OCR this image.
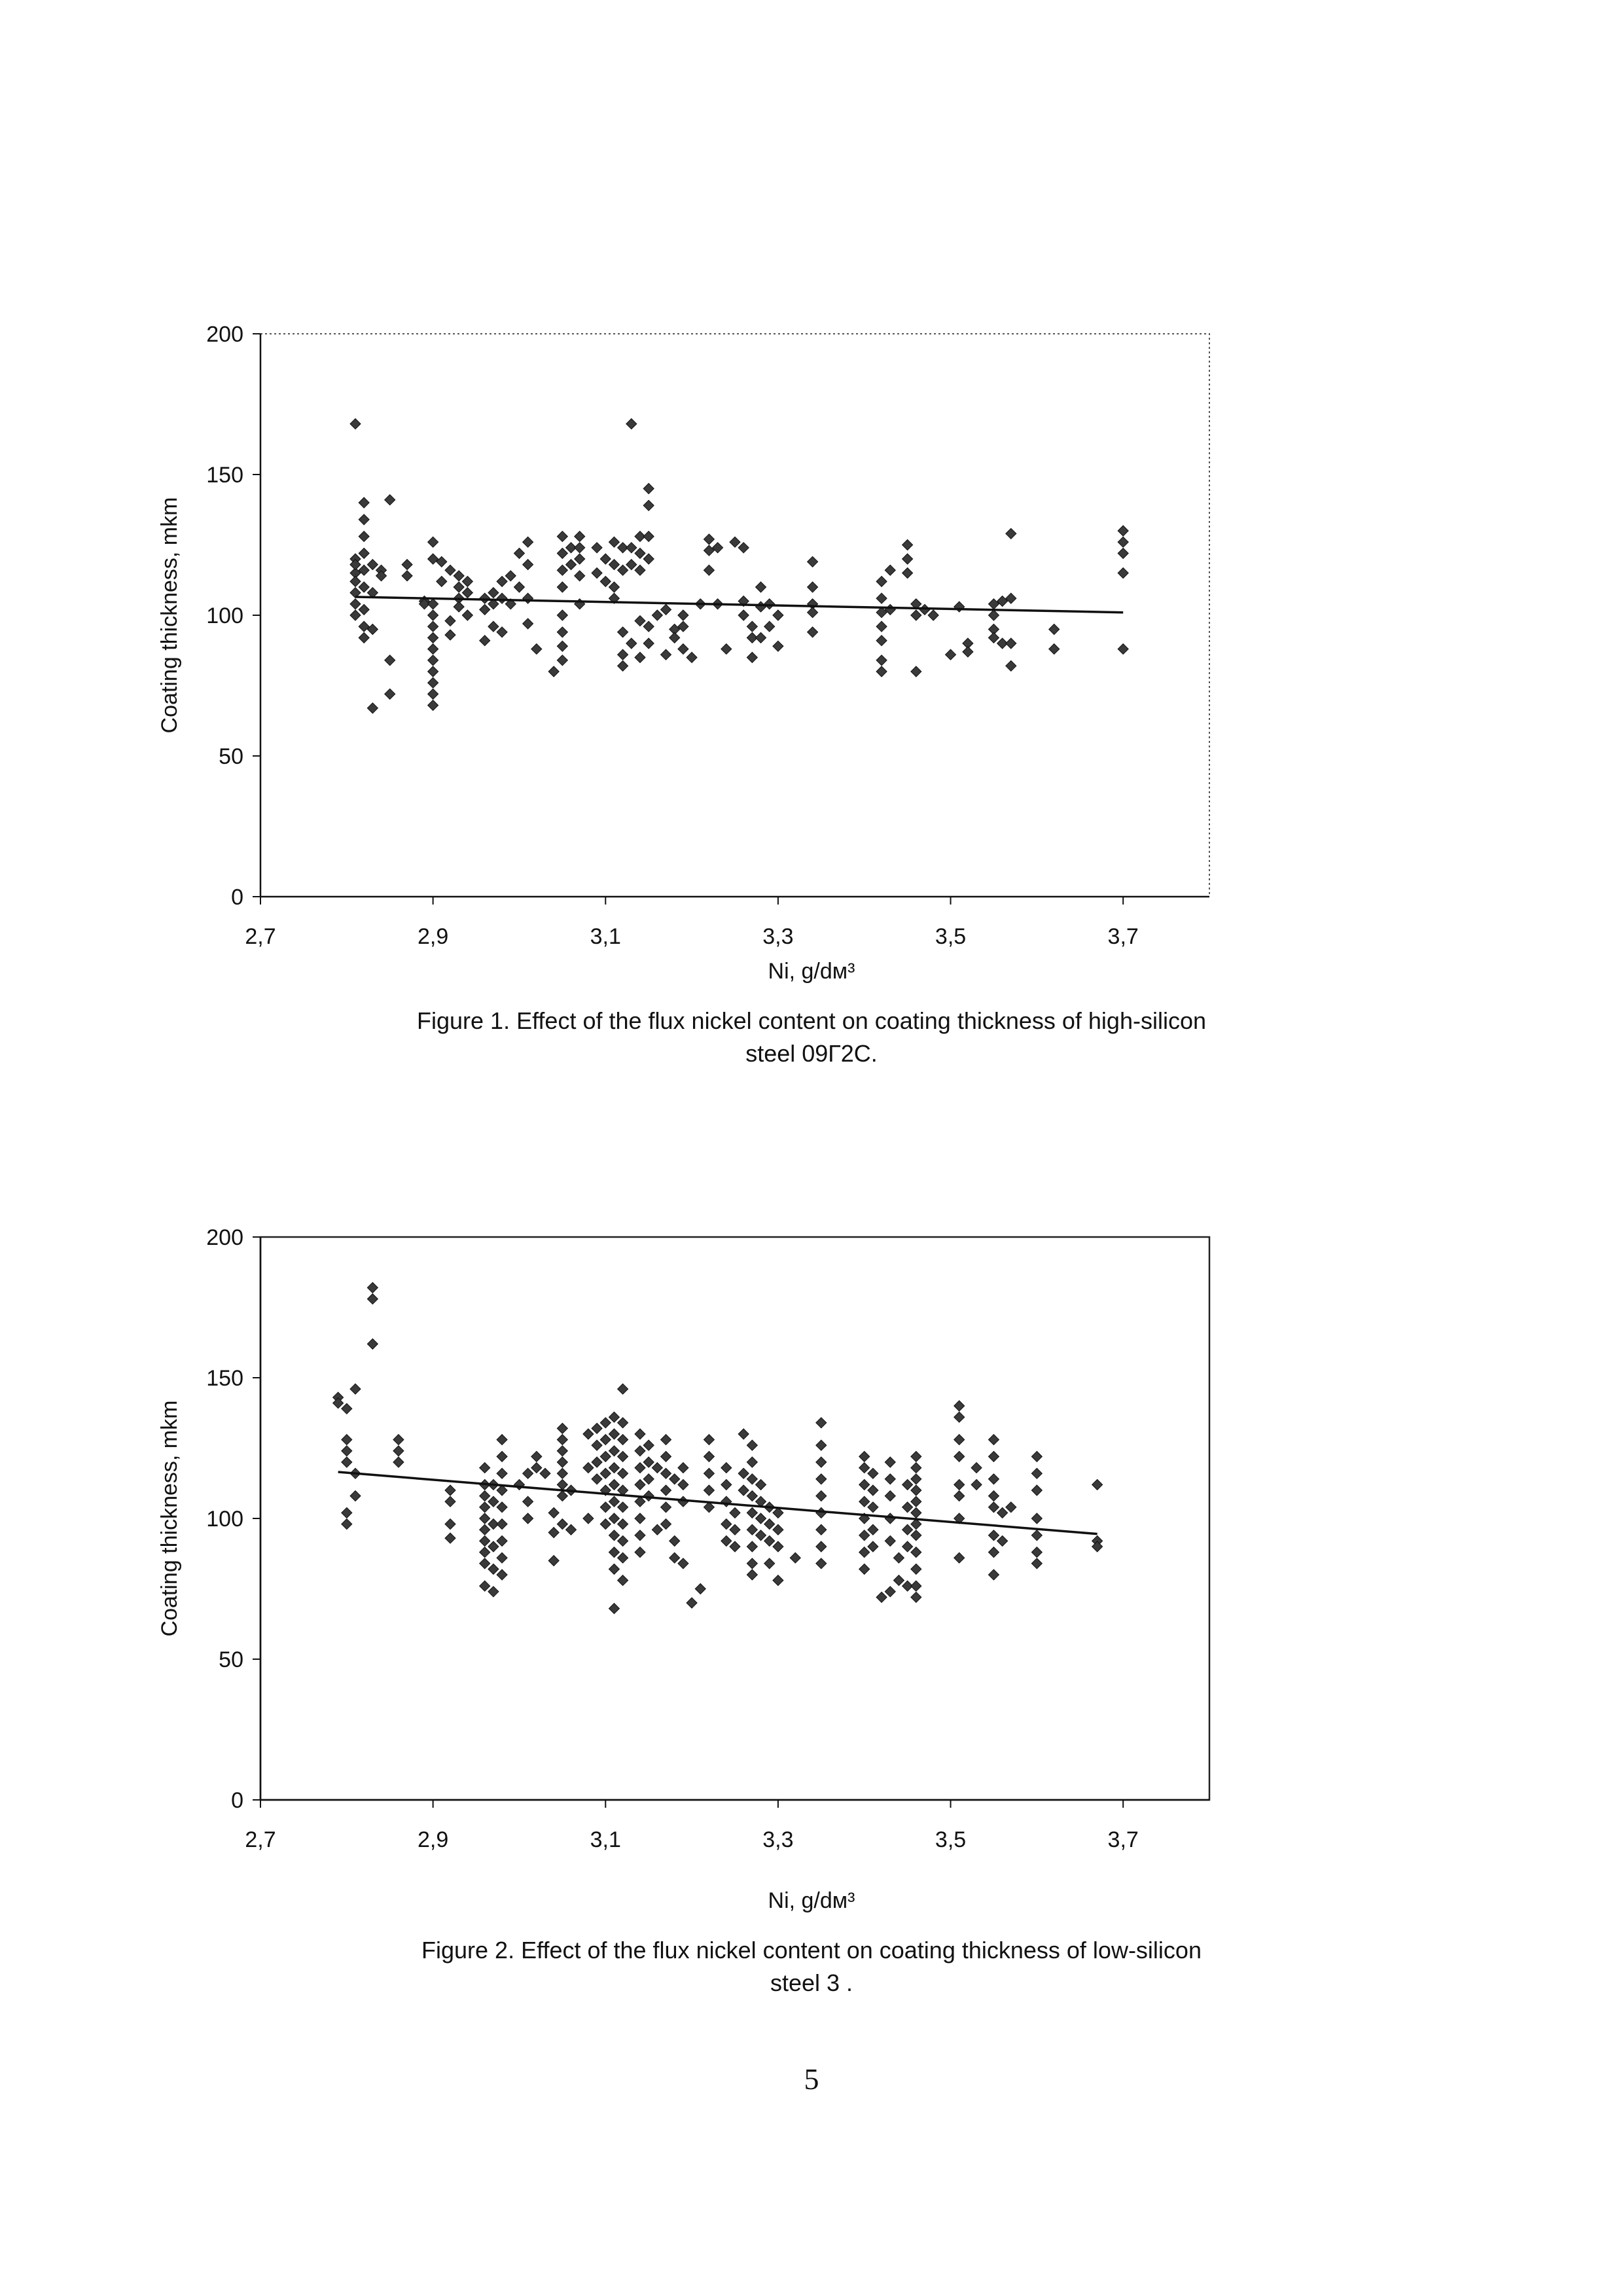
0
50
100
150
200
2,7	2,9	3,1	3,3	3,5	3,7
Coating thickness, mkm
Ni, g/dм³
Figure 1. Effect of the flux nickel content on coating thickness of high-silicon
steel 09Г2С.
0
50
100
150
200
2,7	2,9	3,1	3,3	3,5	3,7
Coating thickness, mkm
Ni, g/dм³
Figure 2. Effect of the flux nickel content on coating thickness of low-silicon
steel 3 .
5
